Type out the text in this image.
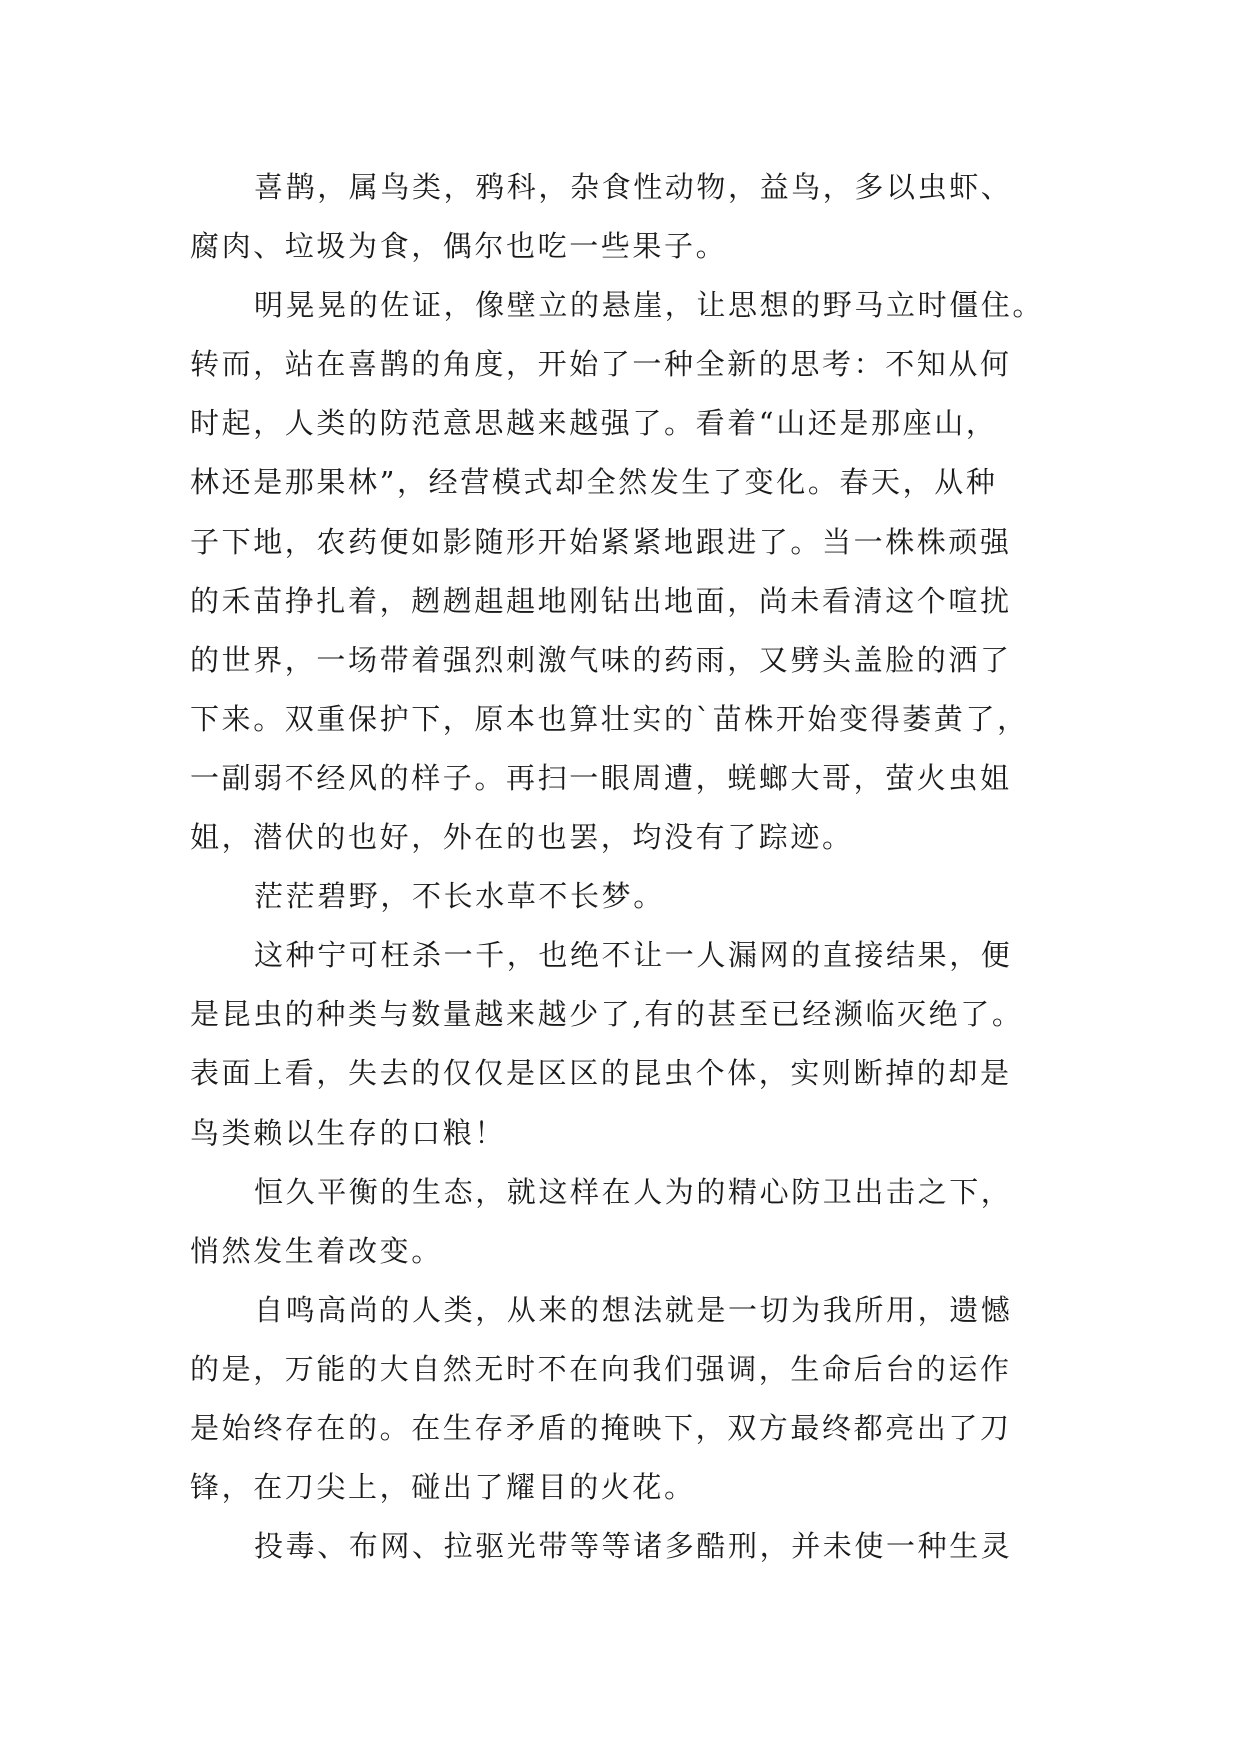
喜鹊，属鸟类，鸦科，杂食性动物，益鸟，多以虫虾、
腐肉、垃圾为食，偶尔也吃一些果子。

明晃晃的佐证，像壁立的悬崖，让思想的野马立时僵住。
转而，站在喜鹊的角度，开始了一种全新的思考：不知从何
时起，人类的防范意思越来越强了。看着“山还是那座山，
林还是那果林”，经营模式却全然发生了变化。春天，从种
子下地，农药便如影随形开始紧紧地跟进了。当一株株顽强
的禾苗挣扎着，趔趔趄趄地刚钻出地面，尚未看清这个喧扰
的世界，一场带着强烈刺激气味的药雨，又劈头盖脸的洒了
下来。双重保护下，原本也算壮实的`苗株开始变得萎黄了，
一副弱不经风的样子。再扫一眼周遭，蜣螂大哥，萤火虫姐
姐，潜伏的也好，外在的也罢，均没有了踪迹。

茫茫碧野，不长水草不长梦。

这种宁可枉杀一千，也绝不让一人漏网的直接结果，便
是昆虫的种类与数量越来越少了,有的甚至已经濒临灭绝了。
表面上看，失去的仅仅是区区的昆虫个体，实则断掉的却是
鸟类赖以生存的口粮！

恒久平衡的生态，就这样在人为的精心防卫出击之下，
悄然发生着改变。

自鸣高尚的人类，从来的想法就是一切为我所用，遗憾
的是，万能的大自然无时不在向我们强调，生命后台的运作
是始终存在的。在生存矛盾的掩映下，双方最终都亮出了刀
锋，在刀尖上，碰出了耀目的火花。

投毒、布网、拉驱光带等等诸多酷刑，并未使一种生灵
